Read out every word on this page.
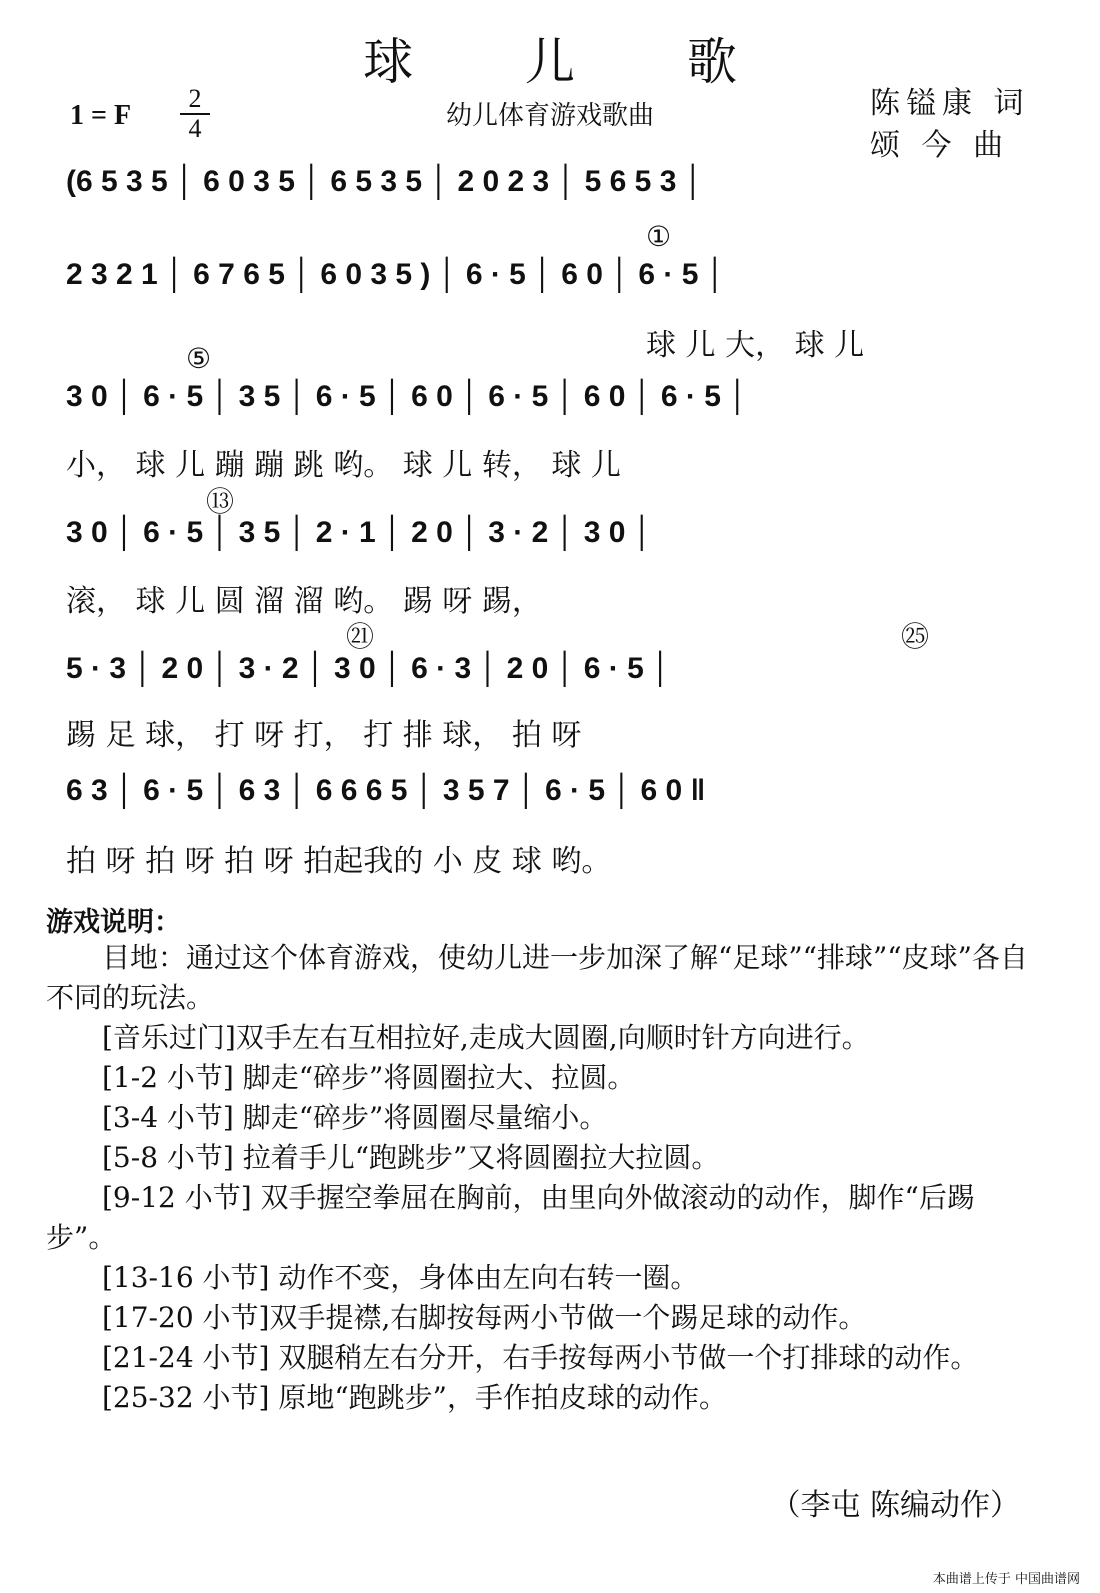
球 儿 歌
幼儿体育游戏歌曲
1 = F $\frac{2}{4}$	陈镒康 词
颂 今 曲
(6 5 3 5 │ 6 0 3 5 │ 6 5 3 5 │ 2 0 2 3 │ 5 6 5 3 │
①
2 3 2 1 │ 6 7 6 5 │ 6 0 3 5 ) │ 6 · 5 │ 6 0 │ 6 · 5 │
球 儿 大， 球 儿
⑤
3 0 │ 6 · 5 │ 3 5 │ 6 · 5 │ 6 0 │ 6 · 5 │ 6 0 │ 6 · 5 │
小， 球 儿 蹦 蹦 跳 哟。 球 儿 转， 球 儿
⑬
3 0 │ 6 · 5 │ 3 5 │ 2 · 1 │ 2 0 │ 3 · 2 │ 3 0 │
滚， 球 儿 圆 溜 溜 哟。 踢 呀 踢，
㉑	㉕
5 · 3 │ 2 0 │ 3 · 2 │ 3 0 │ 6 · 3 │ 2 0 │ 6 · 5 │
踢 足 球， 打 呀 打， 打 排 球， 拍 呀
6 3 │ 6 · 5 │ 6 3 │ 6 6 6 5 │ 3 5 7 │ 6 · 5 │ 6 0 ‖
拍 呀 拍 呀 拍 呀 拍起我的 小 皮 球 哟。
游戏说明：
　　目地：通过这个体育游戏，使幼儿进一步加深了解“足球”“排球”“皮球”各自不同的玩法。
　　[音乐过门]双手左右互相拉好,走成大圆圈,向顺时针方向进行。
　　[1-2 小节] 脚走“碎步”将圆圈拉大、拉圆。
　　[3-4 小节] 脚走“碎步”将圆圈尽量缩小。
　　[5-8 小节] 拉着手儿“跑跳步”又将圆圈拉大拉圆。
　　[9-12 小节] 双手握空拳屈在胸前，由里向外做滚动的动作，脚作“后踢步”。
　　[13-16 小节] 动作不变，身体由左向右转一圈。
　　[17-20 小节]双手提襟,右脚按每两小节做一个踢足球的动作。
　　[21-24 小节] 双腿稍左右分开，右手按每两小节做一个打排球的动作。
　　[25-32 小节] 原地“跑跳步”，手作拍皮球的动作。
（李屯 陈编动作）
本曲谱上传于 中国曲谱网
